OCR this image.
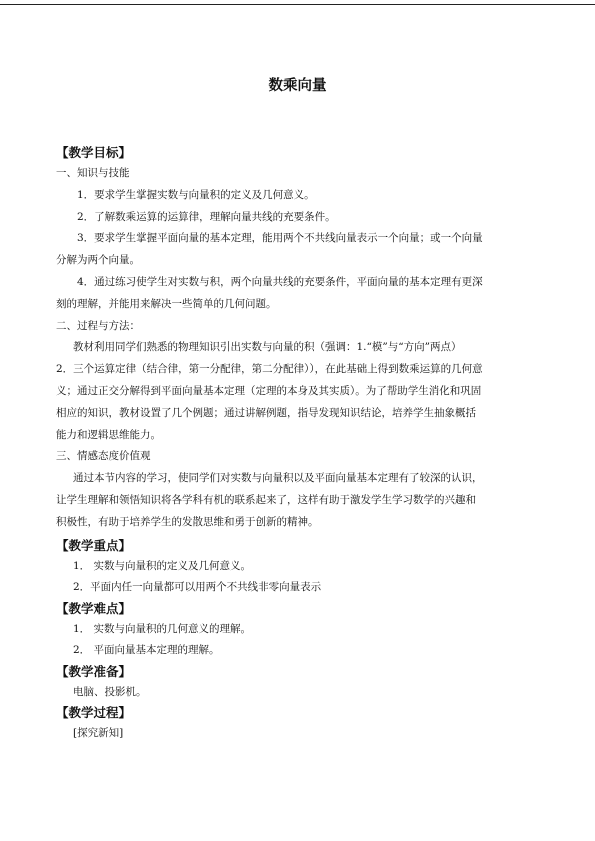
数乘向量
【教学目标】
一、知识与技能
1．要求学生掌握实数与向量积的定义及几何意义。
2．了解数乘运算的运算律，理解向量共线的充要条件。
3．要求学生掌握平面向量的基本定理，能用两个不共线向量表示一个向量；或一个向量
分解为两个向量。
4．通过练习使学生对实数与积，两个向量共线的充要条件，平面向量的基本定理有更深
刻的理解，并能用来解决一些简单的几何问题。
二、过程与方法：
教材利用同学们熟悉的物理知识引出实数与向量的积（强调：1.“模”与“方向”两点）
2．三个运算定律（结合律，第一分配律，第二分配律）），在此基础上得到数乘运算的几何意
义；通过正交分解得到平面向量基本定理（定理的本身及其实质）。为了帮助学生消化和巩固
相应的知识，教材设置了几个例题；通过讲解例题，指导发现知识结论，培养学生抽象概括
能力和逻辑思维能力。
三、情感态度价值观
通过本节内容的学习，使同学们对实数与向量积以及平面向量基本定理有了较深的认识，
让学生理解和领悟知识将各学科有机的联系起来了，这样有助于激发学生学习数学的兴趣和
积极性，有助于培养学生的发散思维和勇于创新的精神。
【教学重点】
1． 实数与向量积的定义及几何意义。
2．平面内任一向量都可以用两个不共线非零向量表示
【教学难点】
1． 实数与向量积的几何意义的理解。
2． 平面向量基本定理的理解。
【教学准备】
电脑、投影机。
【教学过程】
[探究新知]
